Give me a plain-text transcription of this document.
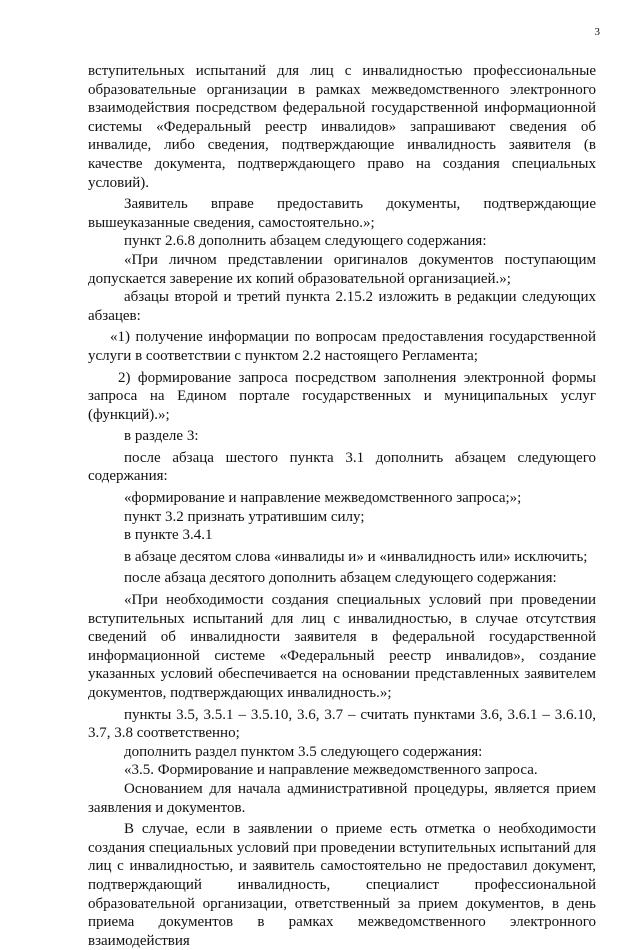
3

вступительных испытаний для лиц с инвалидностью профессиональные образовательные организации в рамках межведомственного электронного взаимодействия посредством федеральной государственной информационной системы «Федеральный реестр инвалидов» запрашивают сведения об инвалиде, либо сведения, подтверждающие инвалидность заявителя (в качестве документа, подтверждающего право на создания специальных условий).

Заявитель вправе предоставить документы, подтверждающие вышеуказанные сведения, самостоятельно.»;

пункт 2.6.8 дополнить абзацем следующего содержания:

«При личном представлении оригиналов документов поступающим допускается заверение их копий образовательной организацией.»;

абзацы второй и третий пункта 2.15.2 изложить в редакции следующих абзацев:

«1) получение информации по вопросам предоставления государственной услуги в соответствии с пунктом 2.2 настоящего Регламента;

2) формирование запроса посредством заполнения электронной формы запроса на Едином портале государственных и муниципальных услуг (функций).»;

в разделе 3:

после абзаца шестого пункта 3.1 дополнить абзацем следующего содержания:

«формирование и направление межведомственного запроса;»;

пункт 3.2 признать утратившим силу;

в пункте 3.4.1

в абзаце десятом слова «инвалиды и» и «инвалидность или» исключить;

после абзаца десятого дополнить абзацем следующего содержания:

«При необходимости создания специальных условий при проведении вступительных испытаний для лиц с инвалидностью, в случае отсутствия сведений об инвалидности заявителя в федеральной государственной информационной системе «Федеральный реестр инвалидов», создание указанных условий обеспечивается на основании представленных заявителем документов, подтверждающих инвалидность.»;

пункты 3.5, 3.5.1 – 3.5.10, 3.6, 3.7 – считать пунктами 3.6, 3.6.1 – 3.6.10, 3.7, 3.8 соответственно;

дополнить раздел пунктом 3.5 следующего содержания:

«3.5. Формирование и направление межведомственного запроса.

Основанием для начала административной процедуры, является прием заявления и документов.

В случае, если в заявлении о приеме есть отметка о необходимости создания специальных условий при проведении вступительных испытаний для лиц с инвалидностью, и заявитель самостоятельно не предоставил документ, подтверждающий инвалидность, специалист профессиональной образовательной организации, ответственный за прием документов, в день приема документов в рамках межведомственного электронного взаимодействия
